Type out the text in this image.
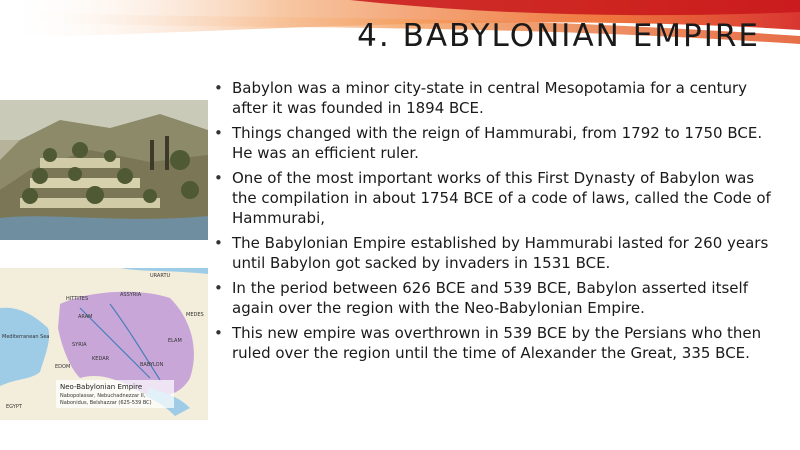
4. BABYLONIAN EMPIRE
• Babylon was a minor city-state in central Mesopotamia for a century after it was founded in 1894 BCE.
• Things changed with the reign of Hammurabi, from 1792 to 1750 BCE. He was an efficient ruler.
• One of the most important works of this First Dynasty of Babylon was the compilation in about 1754 BCE of a code of laws, called the Code of Hammurabi,
• The Babylonian Empire established by Hammurabi lasted for 260 years until Babylon got sacked by invaders in 1531 BCE.
• In the period between 626 BCE and 539 BCE, Babylon asserted itself again over the region with the Neo-Babylonian Empire.
• This new empire was overthrown in 539 BCE by the Persians who then ruled over the region until the time of Alexander the Great, 335 BCE.
URARTU
HITTITES
ASSYRIA
ARAM	MEDES
SYRIA
BABYLON
KEDAR
EDOM
ELAM
EGYPT
Mediterranean Sea
Neo-Babylonian Empire
Nabopolassar, Nebuchadnezzar II,
Nabonidus, Belshazzar (625-539 BC)
